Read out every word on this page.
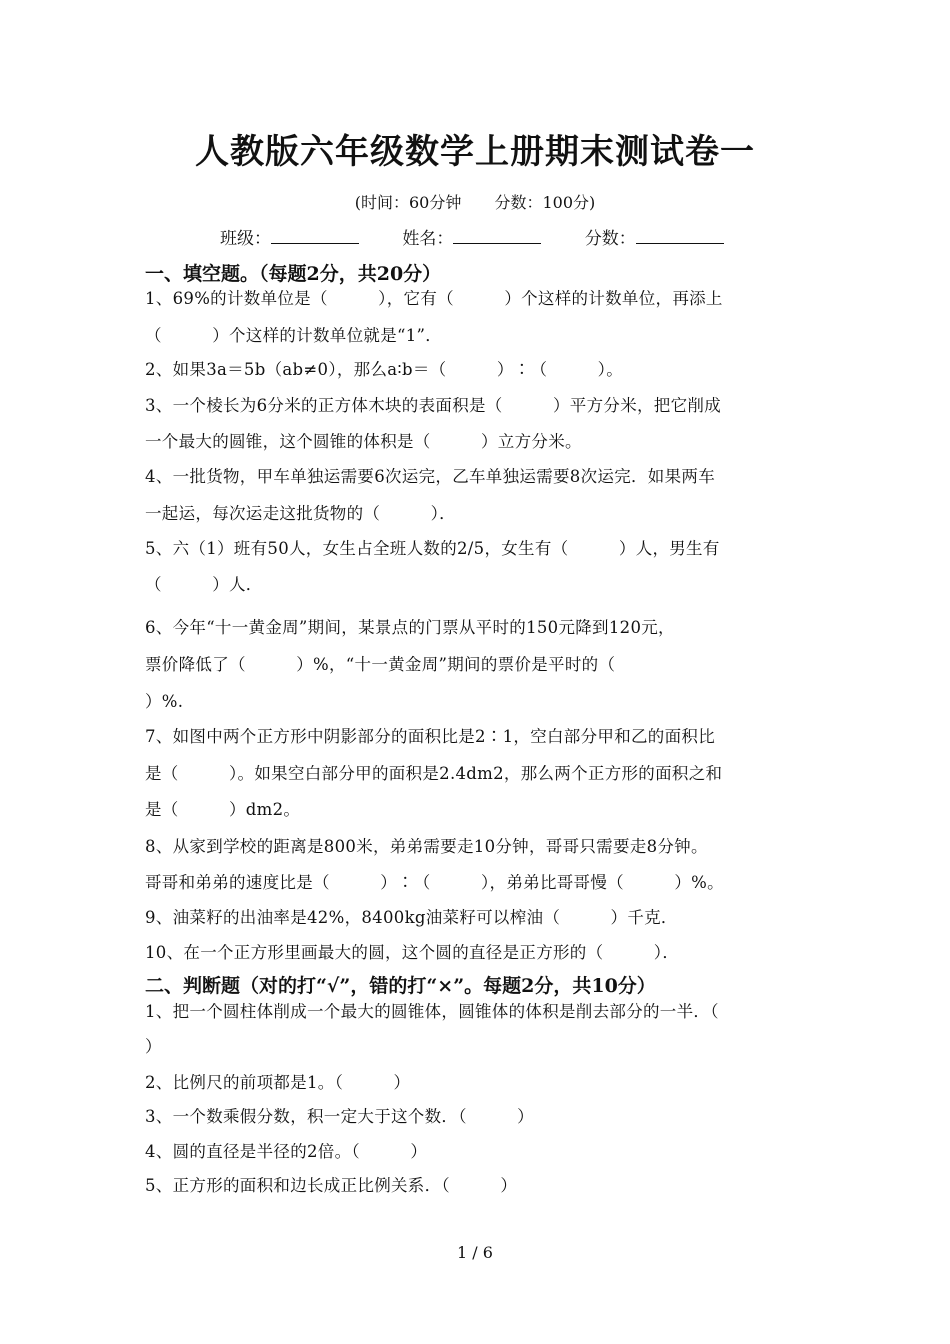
人教版六年级数学上册期末测试卷一
(时间：60分钟 分数：100分)
班级：	姓名：	分数：
一、填空题。（每题2分，共20分）
1、69%的计数单位是（　　　），它有（　　　）个这样的计数单位，再添上
（　　　）个这样的计数单位就是“1”．
2、如果3a＝5b（ab≠0），那么a∶b＝（　　　）∶（　　　）。
3、一个棱长为6分米的正方体木块的表面积是（　　　）平方分米，把它削成
一个最大的圆锥，这个圆锥的体积是（　　　）立方分米。
4、一批货物，甲车单独运需要6次运完，乙车单独运需要8次运完．如果两车
一起运，每次运走这批货物的（　　　）．
5、六（1）班有50人，女生占全班人数的2/5，女生有（　　　）人，男生有
（　　　）人．
6、今年“十一黄金周”期间，某景点的门票从平时的150元降到120元，
票价降低了（　　　）%，“十一黄金周”期间的票价是平时的（
）%.
7、如图中两个正方形中阴影部分的面积比是2∶1，空白部分甲和乙的面积比
是（　　　）。如果空白部分甲的面积是2.4dm2，那么两个正方形的面积之和
是（　　　）dm2。
8、从家到学校的距离是800米，弟弟需要走10分钟，哥哥只需要走8分钟。
哥哥和弟弟的速度比是（　　　）∶（　　　），弟弟比哥哥慢（　　　）%。
9、油菜籽的出油率是42%，8400kg油菜籽可以榨油（　　　）千克．
10、在一个正方形里画最大的圆，这个圆的直径是正方形的（　　　）．
二、判断题（对的打“√”，错的打“×”。每题2分，共10分）
1、把一个圆柱体削成一个最大的圆锥体，圆锥体的体积是削去部分的一半．（
）
2、比例尺的前项都是1。（　　　）
3、一个数乘假分数，积一定大于这个数．（　　　）
4、圆的直径是半径的2倍。（　　　）
5、正方形的面积和边长成正比例关系．（　　　）
1 / 6
